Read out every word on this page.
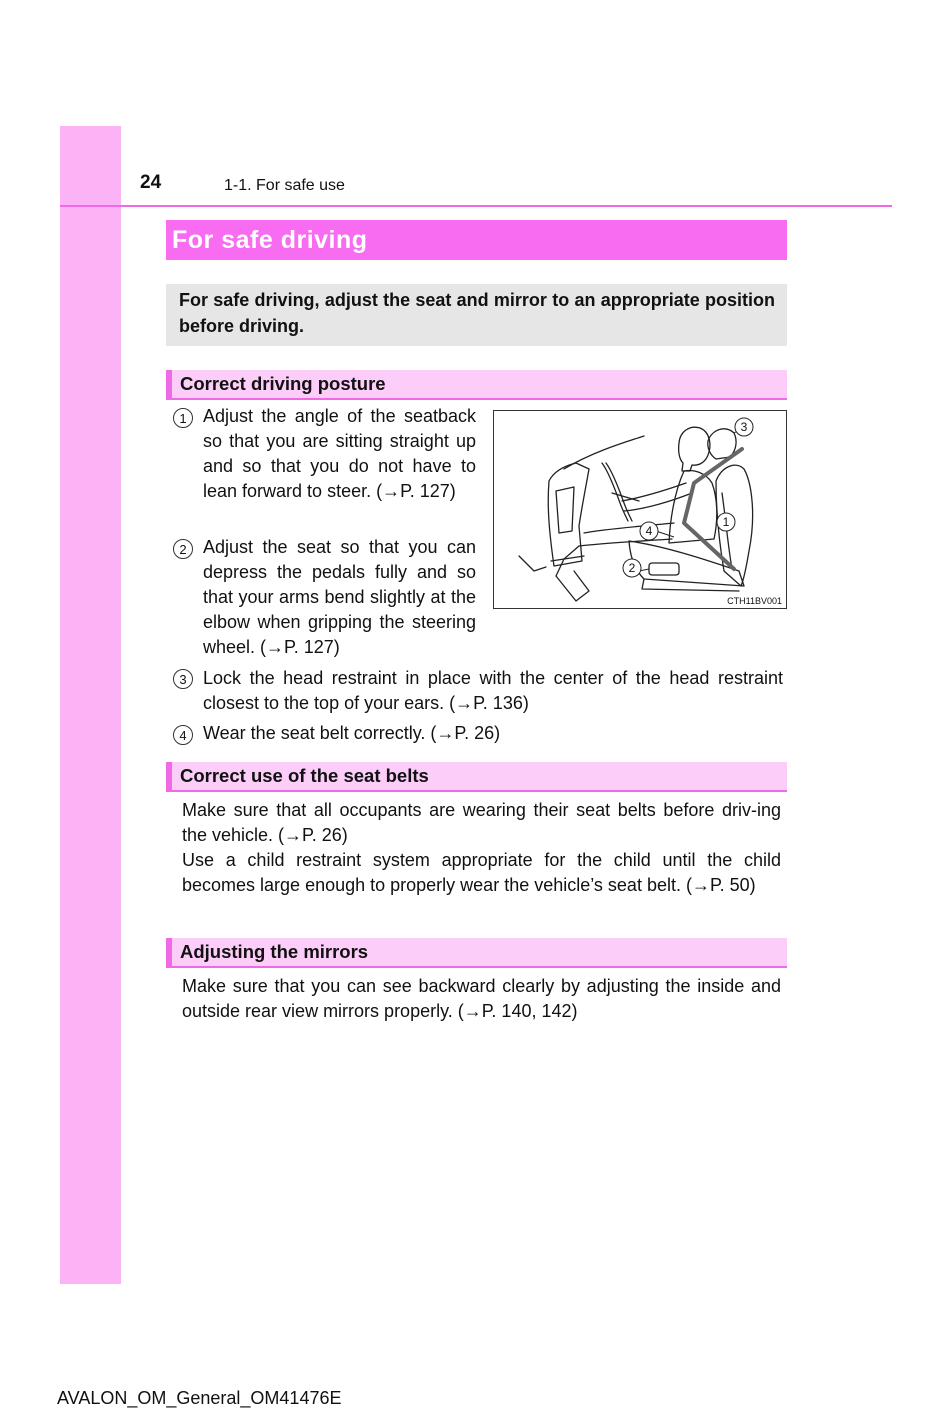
24	1-1. For safe use
For safe driving
For safe driving, adjust the seat and mirror to an appropriate position before driving.
Correct driving posture
1 Adjust the angle of the seatback so that you are sitting straight up and so that you do not have to lean forward to steer. (→P. 127)
2 Adjust the seat so that you can depress the pedals fully and so that your arms bend slightly at the elbow when gripping the steering wheel. (→P. 127)
3 Lock the head restraint in place with the center of the head restraint closest to the top of your ears. (→P. 136)
4 Wear the seat belt correctly. (→P. 26)
3
1
4
2
CTH11BV001
Correct use of the seat belts
Make sure that all occupants are wearing their seat belts before driv-ing the vehicle. (→P. 26)
Use a child restraint system appropriate for the child until the child becomes large enough to properly wear the vehicle’s seat belt. (→P. 50)
Adjusting the mirrors
Make sure that you can see backward clearly by adjusting the inside and outside rear view mirrors properly. (→P. 140, 142)
AVALON_OM_General_OM41476E
